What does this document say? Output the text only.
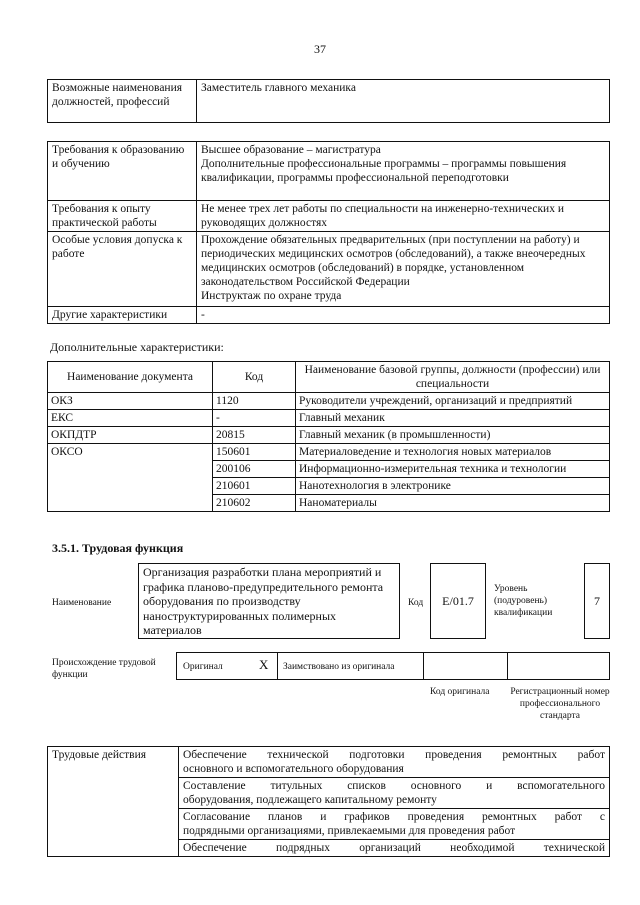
37
Возможные наименования должностей, профессий	Заместитель главного механика
Требования к образованию и обучению	Высшее образование – магистратура
Дополнительные профессиональные программы – программы повышения квалификации, программы профессиональной переподготовки

Требования к опыту практической работы	Не менее трех лет работы по специальности на инженерно-технических и руководящих должностях
Особые условия допуска к работе	Прохождение обязательных предварительных (при поступлении на работу) и периодических медицинских осмотров (обследований), а также внеочередных медицинских осмотров (обследований) в порядке, установленном законодательством Российской Федерации
Инструктаж по охране труда

Другие характеристики	-
Дополнительные характеристики:
Наименование документа	Код	Наименование базовой группы, должности (профессии) или специальности
ОКЗ	1120	Руководители учреждений, организаций и предприятий
ЕКС	-	Главный механик
ОКПДТР	20815	Главный механик (в промышленности)
ОКСО	150601	Материаловедение и технология новых материалов
	200106	Информационно-измерительная техника и технологии
	210601	Нанотехнология в электронике
	210602	Наноматериалы
3.5.1. Трудовая функция
Наименование
Организация разработки плана мероприятий и графика планово-предупредительного ремонта оборудования по производству наноструктурированных полимерных материалов
Код	E/01.7
Уровень (подуровень) квалификации
7
Происхождение трудовой функции
Оригинал	X Заимствовано из оригинала
Код оригинала Регистрационный номер профессионального стандарта
Трудовые действия	Обеспечение технической подготовки проведения ремонтных работ
основного и вспомогательного оборудования

Составление титульных списков основного и вспомогательного
оборудования, подлежащего капитальному ремонту

Согласование планов и графиков проведения ремонтных работ с
подрядными организациями, привлекаемыми для проведения работ

Обеспечение подрядных организаций необходимой технической
